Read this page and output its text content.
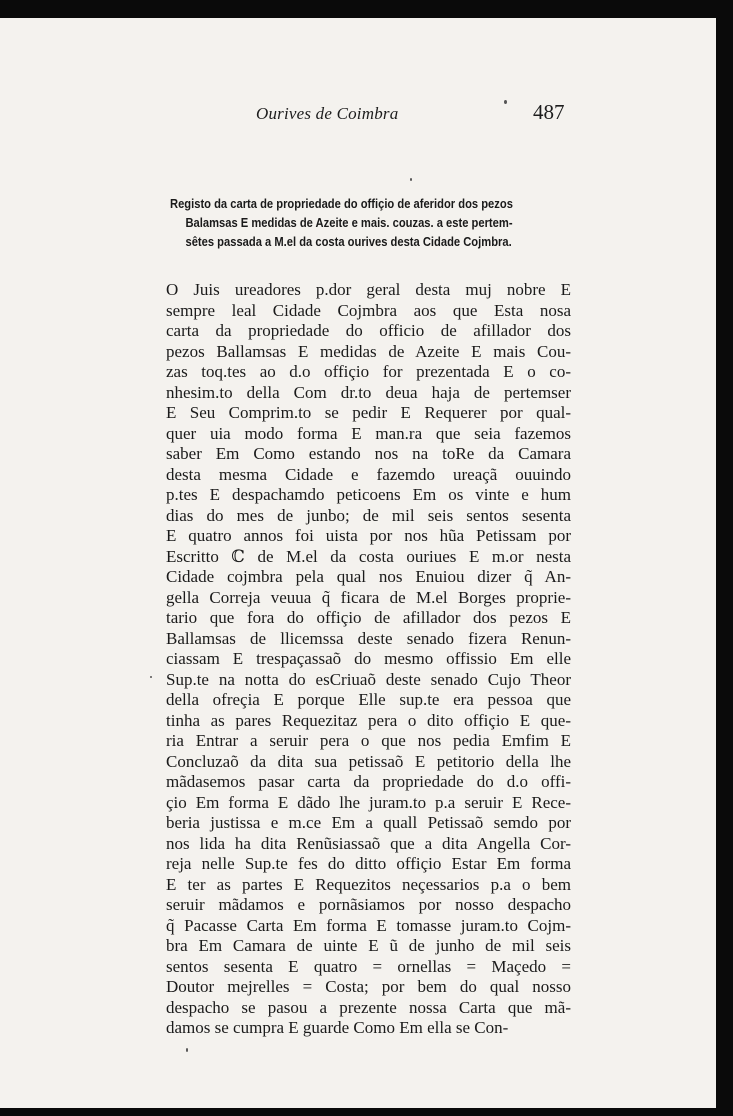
Ourives de Coimbra	487
Registo da carta de propriedade do offiçio de aferidor dos pezos
Balamsas E medidas de Azeite e mais. couzas. a este pertem-
sêtes passada a M.el da costa ourives desta Cidade Cojmbra.
O Juis ureadores p.dor geral desta muj nobre E
sempre leal Cidade Cojmbra aos que Esta nosa
carta da propriedade do officio de afillador dos
pezos Ballamsas E medidas de Azeite E mais Cou-
zas toq.tes ao d.o offiçio for prezentada E o co-
nhesim.to della Com dr.to deua haja de pertemser
E Seu Comprim.to se pedir E Requerer por qual-
quer uia modo forma E man.ra que seia fazemos
saber Em Como estando nos na toRe da Camara
desta mesma Cidade e fazemdo ureaçã ouuindo
p.tes E despachamdo peticoens Em os vinte e hum
dias do mes de junbo; de mil seis sentos sesenta
E quatro annos foi uista por nos hũa Petissam por
Escritto ℂ de M.el da costa ouriues E m.or nesta
Cidade cojmbra pela qual nos Enuiou dizer q̃ An-
gella Correja veuua q̃ ficara de M.el Borges proprie-
tario que fora do offiçio de afillador dos pezos E
Ballamsas de llicemssa deste senado fizera Renun-
ciassam E trespaçassaõ do mesmo offissio Em elle
Sup.te na notta do esCriuaõ deste senado Cujo Theor
della ofreçia E porque Elle sup.te era pessoa que
tinha as pares Requezitaz pera o dito offiçio E que-
ria Entrar a seruir pera o que nos pedia Emfim E
Concluzaõ da dita sua petissaõ E petitorio della lhe
mãdasemos pasar carta da propriedade do d.o offi-
çio Em forma E dãdo lhe juram.to p.a seruir E Rece-
beria justissa e m.ce Em a quall Petissaõ semdo por
nos lida ha dita Renũsiassaõ que a dita Angella Cor-
reja nelle Sup.te fes do ditto offiçio Estar Em forma
E ter as partes E Requezitos neçessarios p.a o bem
seruir mãdamos e pornãsiamos por nosso despacho
q̃ Pacasse Carta Em forma E tomasse juram.to Cojm-
bra Em Camara de uinte E ũ de junho de mil seis
sentos sesenta E quatro = ornellas = Maçedo =
Doutor mejrelles = Costa; por bem do qual nosso
despacho se pasou a prezente nossa Carta que mã-
damos se cumpra E guarde Como Em ella se Con-
